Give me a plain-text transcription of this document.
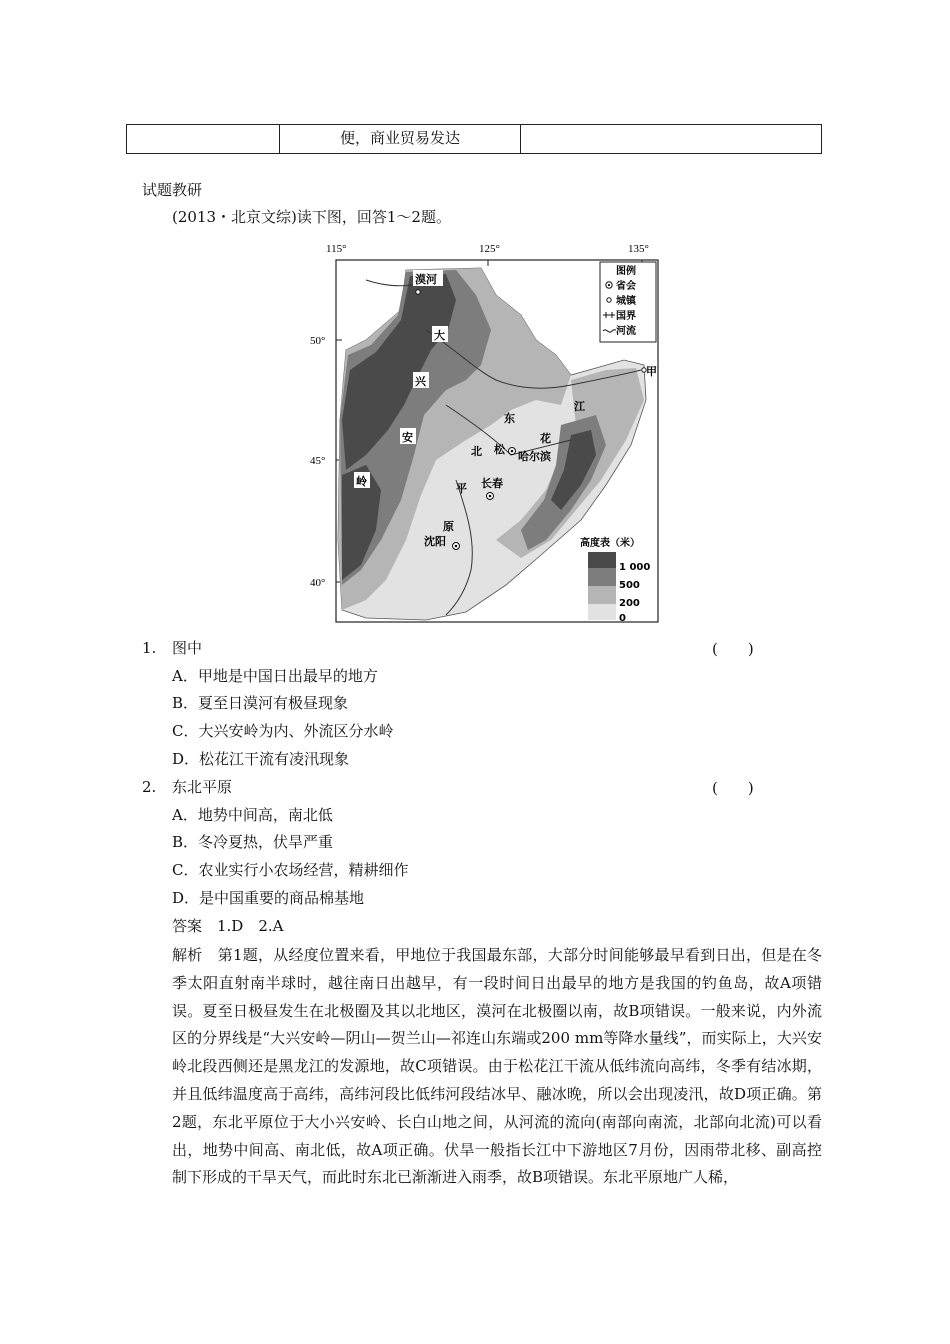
	便，商业贸易发达	
试题教研
(2013・北京文综)读下图，回答1～2题。
115°	125°	135°
50°
45°
40°
漠河
大
兴
安
岭
甲
东
江
花
北 松
哈尔滨
平 长春
原
沈阳
图例
省会
城镇
国界
河流
高度表（米）
1 000
500
200
0
1. 图中	(　　)
A．甲地是中国日出最早的地方
B．夏至日漠河有极昼现象
C．大兴安岭为内、外流区分水岭
D．松花江干流有凌汛现象
2. 东北平原	(　　)
A．地势中间高，南北低
B．冬冷夏热，伏旱严重
C．农业实行小农场经营，精耕细作
D．是中国重要的商品棉基地
答案　1.D　2.A
解析　第1题，从经度位置来看，甲地位于我国最东部，大部分时间能够最早看到日出，但是在冬季太阳直射南半球时，越往南日出越早，有一段时间日出最早的地方是我国的钓鱼岛，故A项错误。夏至日极昼发生在北极圈及其以北地区，漠河在北极圈以南，故B项错误。一般来说，内外流区的分界线是“大兴安岭—阴山—贺兰山—祁连山东端或200 mm等降水量线”，而实际上，大兴安岭北段西侧还是黑龙江的发源地，故C项错误。由于松花江干流从低纬流向高纬，冬季有结冰期，并且低纬温度高于高纬，高纬河段比低纬河段结冰早、融冰晚，所以会出现凌汛，故D项正确。第2题，东北平原位于大小兴安岭、长白山地之间，从河流的流向(南部向南流，北部向北流)可以看出，地势中间高、南北低，故A项正确。伏旱一般指长江中下游地区7月份，因雨带北移、副高控制下形成的干旱天气，而此时东北已渐渐进入雨季，故B项错误。东北平原地广人稀，
